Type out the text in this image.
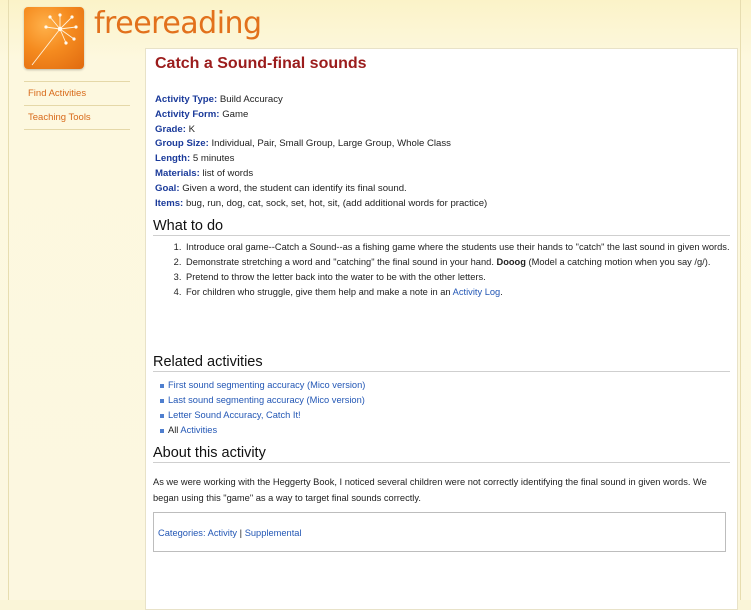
freereading
Find Activities
Teaching Tools
Catch a Sound-final sounds
Activity Type: Build Accuracy
Activity Form: Game
Grade: K
Group Size: Individual, Pair, Small Group, Large Group, Whole Class
Length: 5 minutes
Materials: list of words
Goal: Given a word, the student can identify its final sound.
Items: bug, run, dog, cat, sock, set, hot, sit, (add additional words for practice)
What to do
1. Introduce oral game--Catch a Sound--as a fishing game where the students use their hands to "catch" the last sound in given words.
2. Demonstrate stretching a word and "catching" the final sound in your hand. Dooog (Model a catching motion when you say /g/).
3. Pretend to throw the letter back into the water to be with the other letters.
4. For children who struggle, give them help and make a note in an Activity Log.
Related activities
First sound segmenting accuracy (Mico version)
Last sound segmenting accuracy (Mico version)
Letter Sound Accuracy, Catch It!
All Activities
About this activity
As we were working with the Heggerty Book, I noticed several children were not correctly identifying the final sound in given words. We began using this "game" as a way to target final sounds correctly.
Categories: Activity | Supplemental
